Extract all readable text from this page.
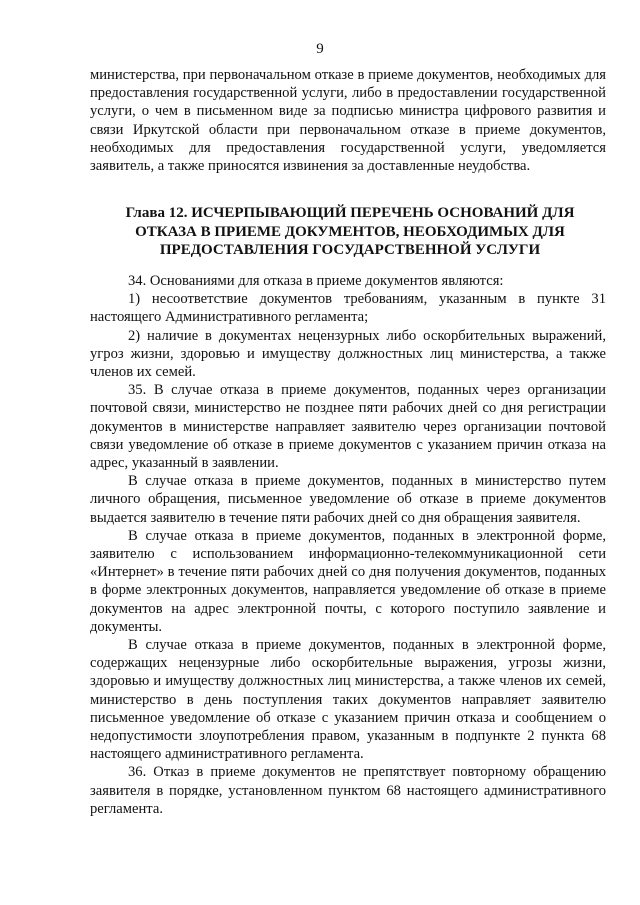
9

министерства, при первоначальном отказе в приеме документов, необходимых для предоставления государственной услуги, либо в предоставлении государственной услуги, о чем в письменном виде за подписью министра цифрового развития и связи Иркутской области при первоначальном отказе в приеме документов, необходимых для предоставления государственной услуги, уведомляется заявитель, а также приносятся извинения за доставленные неудобства.

Глава 12. ИСЧЕРПЫВАЮЩИЙ ПЕРЕЧЕНЬ ОСНОВАНИЙ ДЛЯ
ОТКАЗА В ПРИЕМЕ ДОКУМЕНТОВ, НЕОБХОДИМЫХ ДЛЯ
ПРЕДОСТАВЛЕНИЯ ГОСУДАРСТВЕННОЙ УСЛУГИ

34. Основаниями для отказа в приеме документов являются:

1) несоответствие документов требованиям, указанным в пункте 31 настоящего Административного регламента;

2) наличие в документах нецензурных либо оскорбительных выражений, угроз жизни, здоровью и имуществу должностных лиц министерства, а также членов их семей.

35. В случае отказа в приеме документов, поданных через организации почтовой связи, министерство не позднее пяти рабочих дней со дня регистрации документов в министерстве направляет заявителю через организации почтовой связи уведомление об отказе в приеме документов с указанием причин отказа на адрес, указанный в заявлении.

В случае отказа в приеме документов, поданных в министерство путем личного обращения, письменное уведомление об отказе в приеме документов выдается заявителю в течение пяти рабочих дней со дня обращения заявителя.

В случае отказа в приеме документов, поданных в электронной форме, заявителю с использованием информационно-телекоммуникационной сети «Интернет» в течение пяти рабочих дней со дня получения документов, поданных в форме электронных документов, направляется уведомление об отказе в приеме документов на адрес электронной почты, с которого поступило заявление и документы.

В случае отказа в приеме документов, поданных в электронной форме, содержащих нецензурные либо оскорбительные выражения, угрозы жизни, здоровью и имуществу должностных лиц министерства, а также членов их семей, министерство в день поступления таких документов направляет заявителю письменное уведомление об отказе с указанием причин отказа и сообщением о недопустимости злоупотребления правом, указанным в подпункте 2 пункта 68 настоящего административного регламента.

36. Отказ в приеме документов не препятствует повторному обращению заявителя в порядке, установленном пунктом 68 настоящего административного регламента.
